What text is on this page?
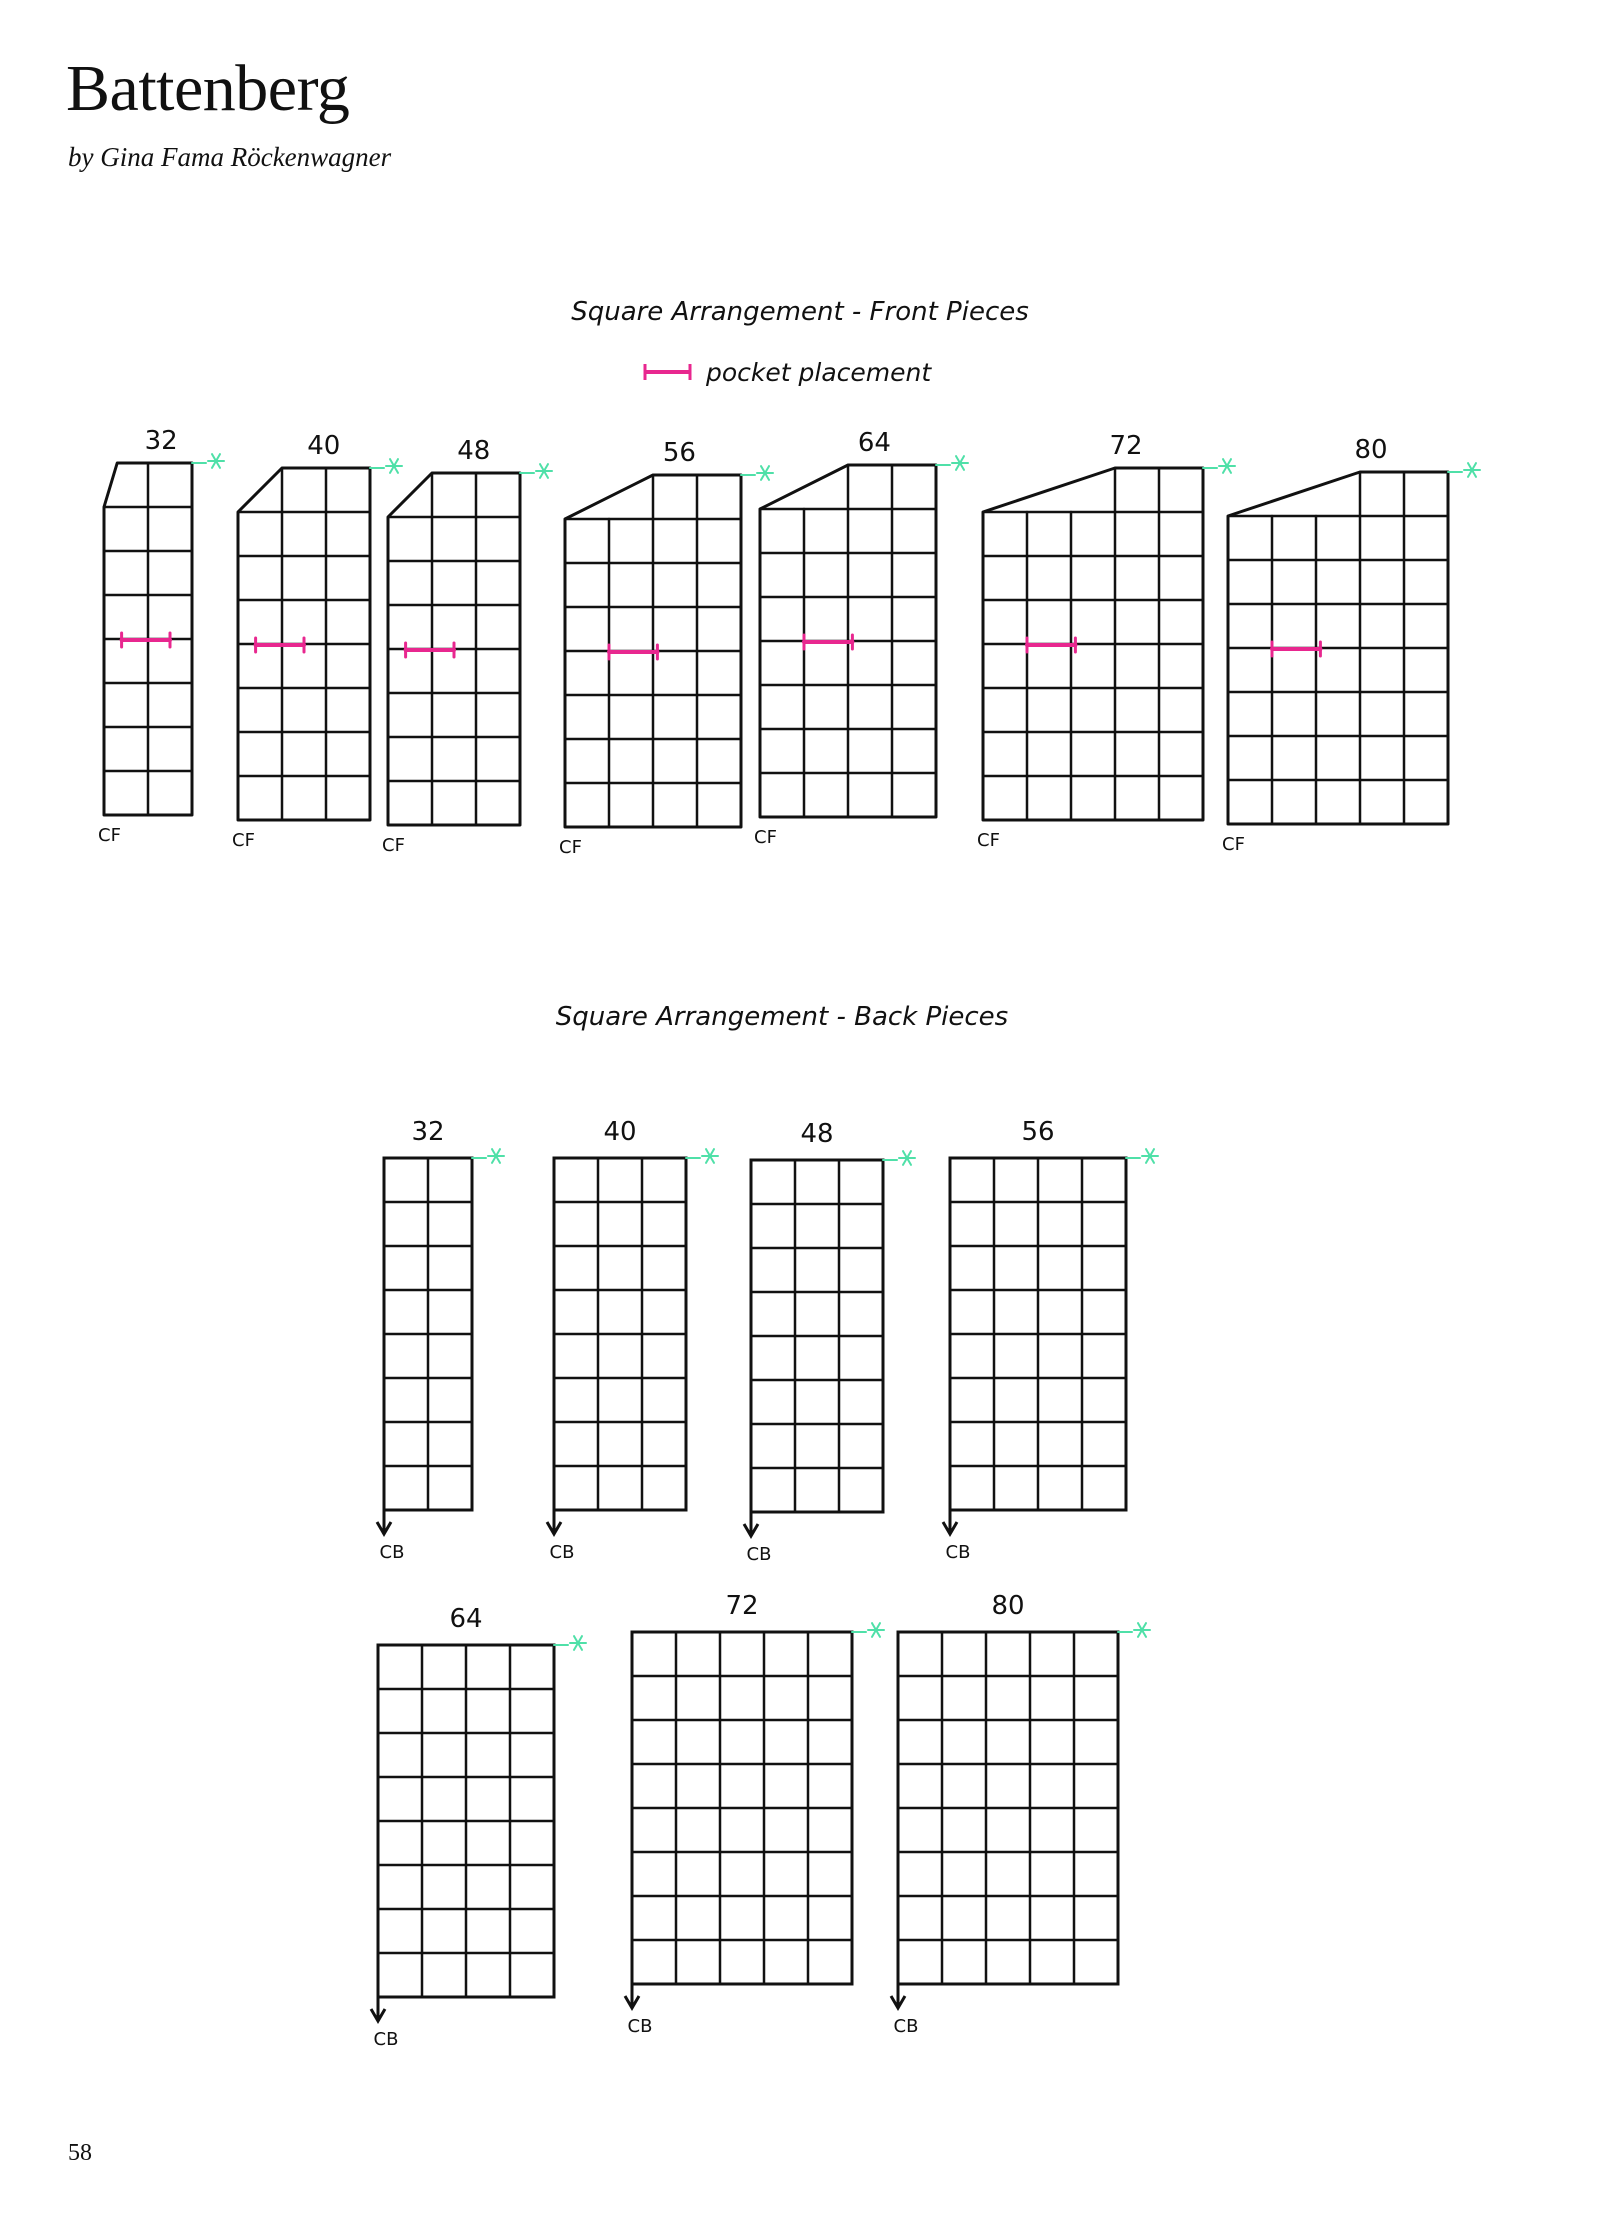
Battenberg

by Gina Fama Röckenwagner

Square Arrangement - Front Pieces
pocket placement
32
CF
40
CF
48
CF
56
CF
64
CF
72
CF
80
CF
Square Arrangement - Back Pieces
32
CB
40
CB
48
CB
56
CB
64
CB
72
CB
80
CB

58
